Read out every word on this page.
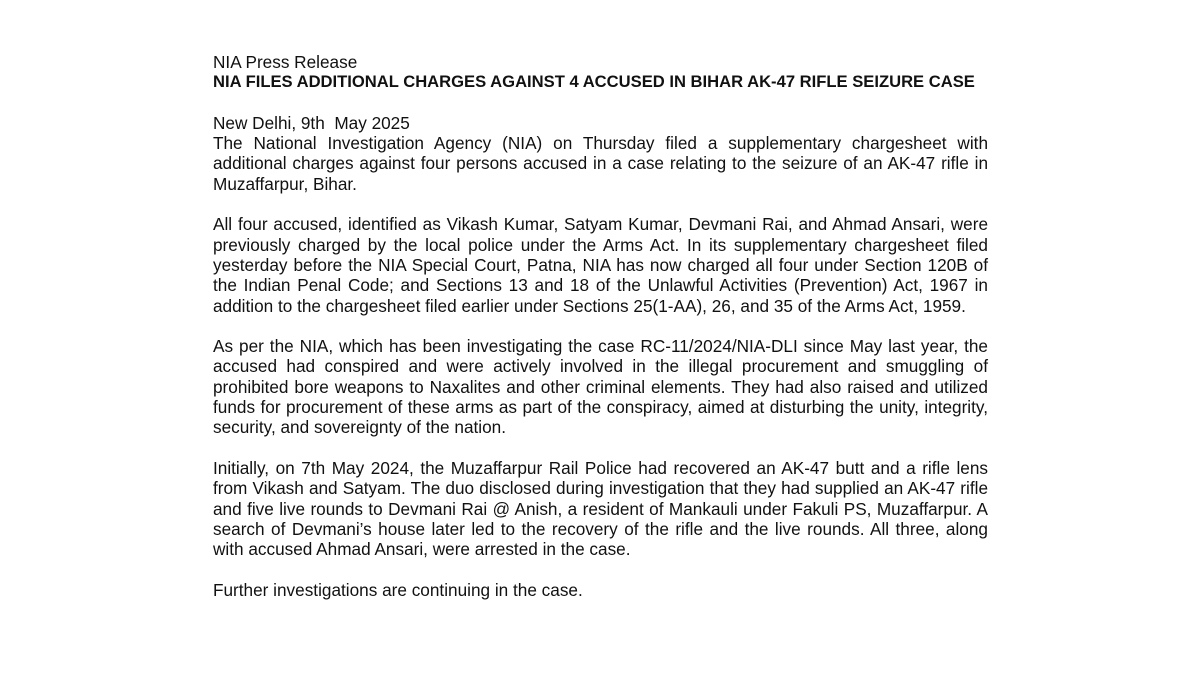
NIA Press Release

NIA FILES ADDITIONAL CHARGES AGAINST 4 ACCUSED IN BIHAR AK-47 RIFLE SEIZURE CASE

New Delhi, 9th  May 2025

The National Investigation Agency (NIA) on Thursday filed a supplementary chargesheet with additional charges against four persons accused in a case relating to the seizure of an AK-47 rifle in Muzaffarpur, Bihar.

All four accused, identified as Vikash Kumar, Satyam Kumar, Devmani Rai, and Ahmad Ansari, were previously charged by the local police under the Arms Act. In its supplementary chargesheet filed yesterday before the NIA Special Court, Patna, NIA has now charged all four under Section 120B of the Indian Penal Code; and Sections 13 and 18 of the Unlawful Activities (Prevention) Act, 1967 in addition to the chargesheet filed earlier under Sections 25(1-AA), 26, and 35 of the Arms Act, 1959.

As per the NIA, which has been investigating the case RC-11/2024/NIA-DLI since May last year, the accused had conspired and were actively involved in the illegal procurement and smuggling of prohibited bore weapons to Naxalites and other criminal elements. They had also raised and utilized funds for procurement of these arms as part of the conspiracy, aimed at disturbing the unity, integrity, security, and sovereignty of the nation.

Initially, on 7th May 2024, the Muzaffarpur Rail Police had recovered an AK-47 butt and a rifle lens from Vikash and Satyam. The duo disclosed during investigation that they had supplied an AK-47 rifle and five live rounds to Devmani Rai @ Anish, a resident of Mankauli under Fakuli PS, Muzaffarpur. A search of Devmani’s house later led to the recovery of the rifle and the live rounds. All three, along with accused Ahmad Ansari, were arrested in the case.

Further investigations are continuing in the case.
